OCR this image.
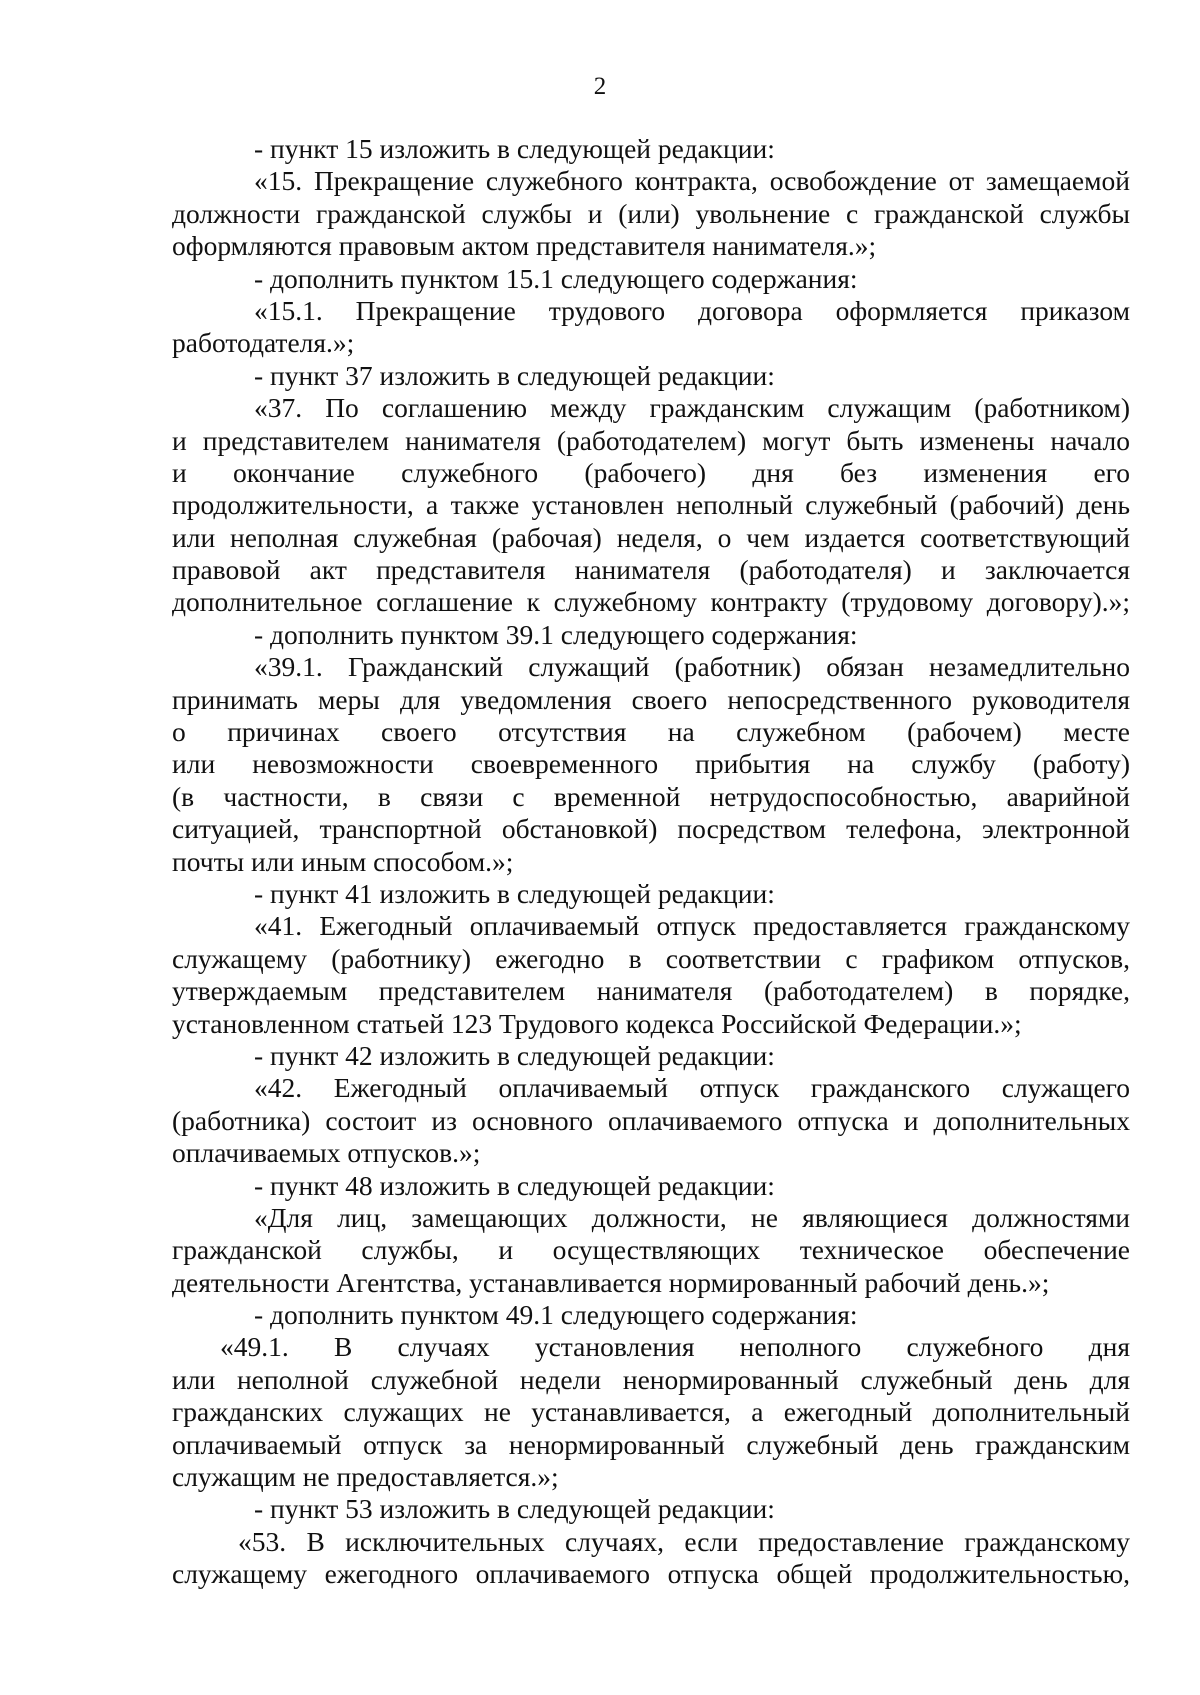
2
- пункт 15 изложить в следующей редакции:
«15. Прекращение служебного контракта, освобождение от замещаемой
должности гражданской службы и (или) увольнение с гражданской службы
оформляются правовым актом представителя нанимателя.»;
- дополнить пунктом 15.1 следующего содержания:
«15.1. Прекращение трудового договора оформляется приказом
работодателя.»;
- пункт 37 изложить в следующей редакции:
«37. По соглашению между гражданским служащим (работником)
и представителем нанимателя (работодателем) могут быть изменены начало
и окончание служебного (рабочего) дня без изменения его
продолжительности, а также установлен неполный служебный (рабочий) день
или неполная служебная (рабочая) неделя, о чем издается соответствующий
правовой акт представителя нанимателя (работодателя) и заключается
дополнительное соглашение к служебному контракту (трудовому договору).»;
- дополнить пунктом 39.1 следующего содержания:
«39.1. Гражданский служащий (работник) обязан незамедлительно
принимать меры для уведомления своего непосредственного руководителя
о причинах своего отсутствия на служебном (рабочем) месте
или невозможности своевременного прибытия на службу (работу)
(в частности, в связи с временной нетрудоспособностью, аварийной
ситуацией, транспортной обстановкой) посредством телефона, электронной
почты или иным способом.»;
- пункт 41 изложить в следующей редакции:
«41. Ежегодный оплачиваемый отпуск предоставляется гражданскому
служащему (работнику) ежегодно в соответствии с графиком отпусков,
утверждаемым представителем нанимателя (работодателем) в порядке,
установленном статьей 123 Трудового кодекса Российской Федерации.»;
- пункт 42 изложить в следующей редакции:
«42. Ежегодный оплачиваемый отпуск гражданского служащего
(работника) состоит из основного оплачиваемого отпуска и дополнительных
оплачиваемых отпусков.»;
- пункт 48 изложить в следующей редакции:
«Для лиц, замещающих должности, не являющиеся должностями
гражданской службы, и осуществляющих техническое обеспечение
деятельности Агентства, устанавливается нормированный рабочий день.»;
- дополнить пунктом 49.1 следующего содержания:
«49.1. В случаях установления неполного служебного дня
или неполной служебной недели ненормированный служебный день для
гражданских служащих не устанавливается, а ежегодный дополнительный
оплачиваемый отпуск за ненормированный служебный день гражданским
служащим не предоставляется.»;
- пункт 53 изложить в следующей редакции:
«53. В исключительных случаях, если предоставление гражданскому
служащему ежегодного оплачиваемого отпуска общей продолжительностью,
